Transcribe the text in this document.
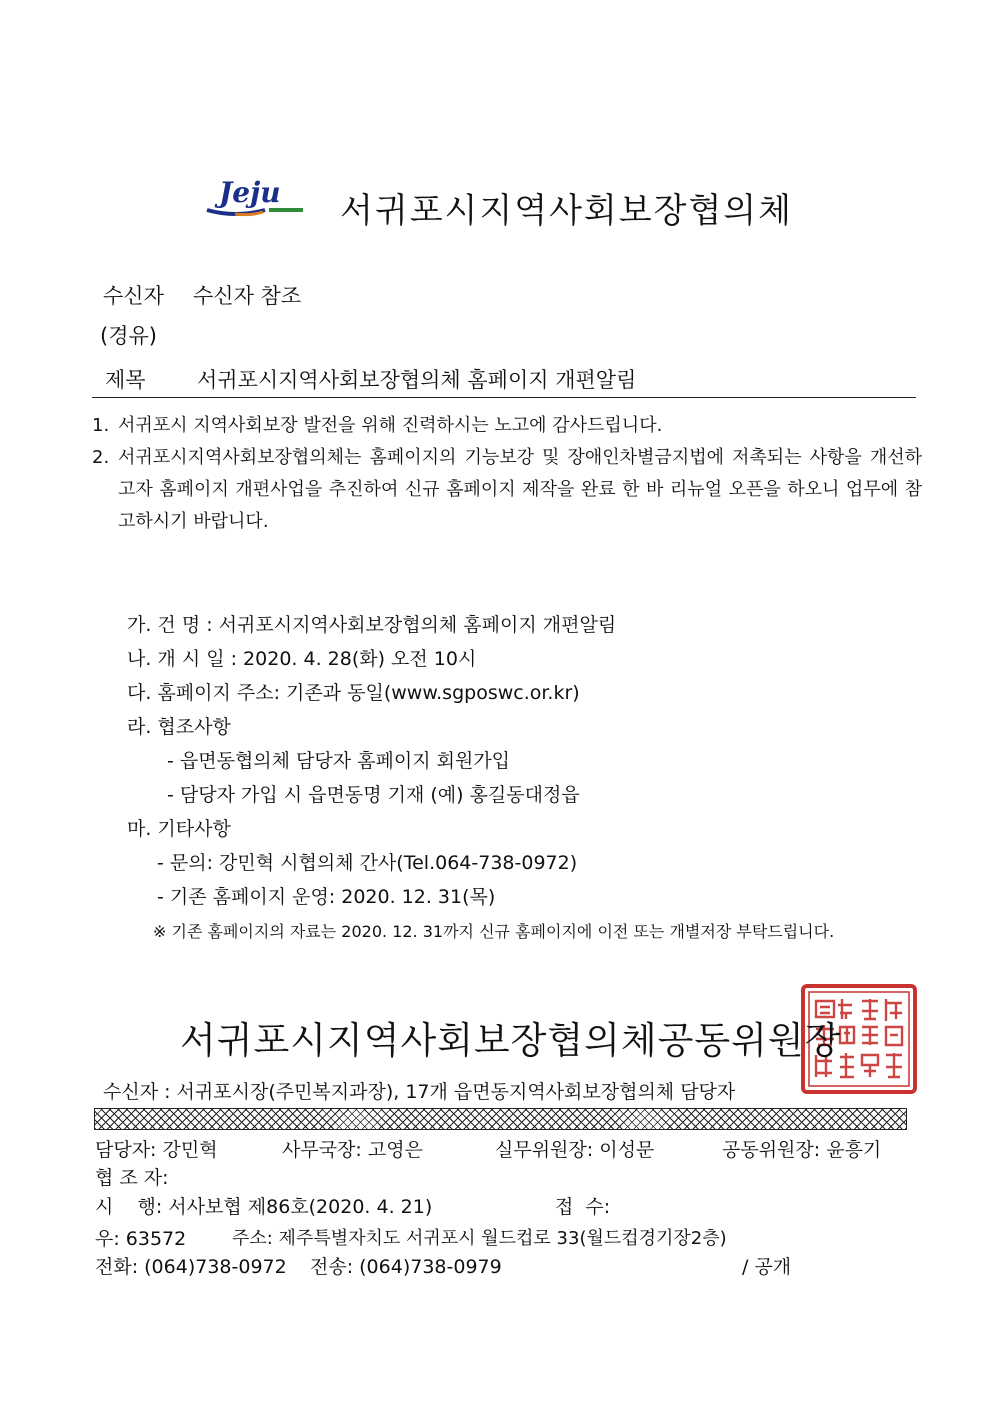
Jeju 서귀포시지역사회보장협의체
수신자 수신자 참조
(경유)
제목 서귀포시지역사회보장협의체 홈페이지 개편알림
1. 서귀포시 지역사회보장 발전을 위해 진력하시는 노고에 감사드립니다.
2. 서귀포시지역사회보장협의체는 홈페이지의 기능보강 및 장애인차별금지법에 저촉되는 사항을 개선하고자 홈페이지 개편사업을 추진하여 신규 홈페이지 제작을 완료 한 바 리뉴얼 오픈을 하오니 업무에 참고하시기 바랍니다.
가. 건 명 : 서귀포시지역사회보장협의체 홈페이지 개편알림
나. 개 시 일 : 2020. 4. 28(화) 오전 10시
다. 홈페이지 주소: 기존과 동일(www.sgposwc.or.kr)
라. 협조사항
- 읍면동협의체 담당자 홈페이지 회원가입
- 담당자 가입 시 읍면동명 기재 (예) 홍길동대정읍
마. 기타사항
- 문의: 강민혁 시협의체 간사(Tel.064-738-0972)
- 기존 홈페이지 운영: 2020. 12. 31(목)
※ 기존 홈페이지의 자료는 2020. 12. 31까지 신규 홈페이지에 이전 또는 개별저장 부탁드립니다.
서귀포시지역사회보장협의체공동위원장
수신자 : 서귀포시장(주민복지과장), 17개 읍면동지역사회보장협의체 담당자
담당자: 강민혁	사무국장: 고영은	실무위원장: 이성문	공동위원장: 윤흥기
협 조 자:
시    행: 서사보협 제86호(2020. 4. 21)	접  수:
우: 63572	주소: 제주특별자치도 서귀포시 월드컵로 33(월드컵경기장2층)
전화: (064)738-0972 전송: (064)738-0979	/ 공개
